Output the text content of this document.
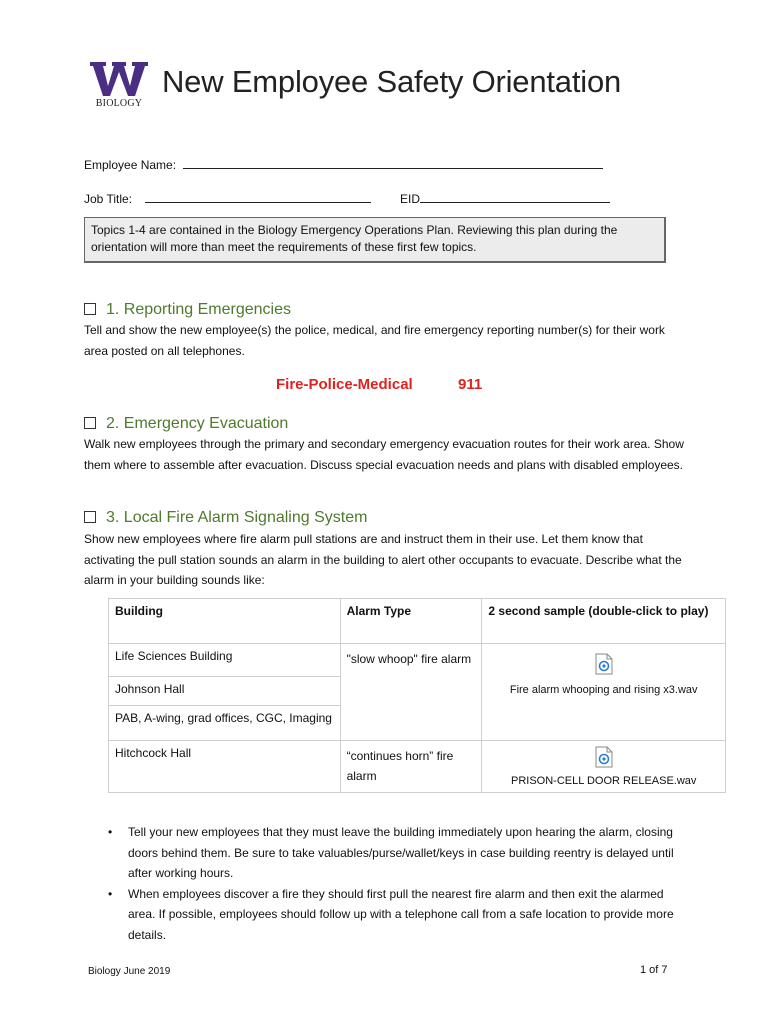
BIOLOGY
New Employee Safety Orientation
Employee Name:
Job Title:	EID
Topics 1-4 are contained in the Biology Emergency Operations Plan. Reviewing this plan during the orientation will more than meet the requirements of these first few topics.
1. Reporting Emergencies

Tell and show the new employee(s) the police, medical, and fire emergency reporting number(s) for their work area posted on all telephones.

Fire-Police-Medical	911
2. Emergency Evacuation

Walk new employees through the primary and secondary emergency evacuation routes for their work area. Show them where to assemble after evacuation. Discuss special evacuation needs and plans with disabled employees.

3. Local Fire Alarm Signaling System

Show new employees where fire alarm pull stations are and instruct them in their use. Let them know that activating the pull station sounds an alarm in the building to alert other occupants to evacuate. Describe what the alarm in your building sounds like:

Building	Alarm Type	2 second sample (double-click to play)
Life Sciences Building	"slow whoop" fire alarm	Fire alarm whooping and rising x3.wav

Johnson Hall		
PAB, A-wing, grad offices, CGC, Imaging		
Hitchcock Hall	“continues horn” fire alarm	PRISON-CELL DOOR RELEASE.wav
• Tell your new employees that they must leave the building immediately upon hearing the alarm, closing doors behind them. Be sure to take valuables/purse/wallet/keys in case building reentry is delayed until after working hours.
• When employees discover a fire they should first pull the nearest fire alarm and then exit the alarmed area. If possible, employees should follow up with a telephone call from a safe location to provide more details.
Biology June 2019	1 of 7
